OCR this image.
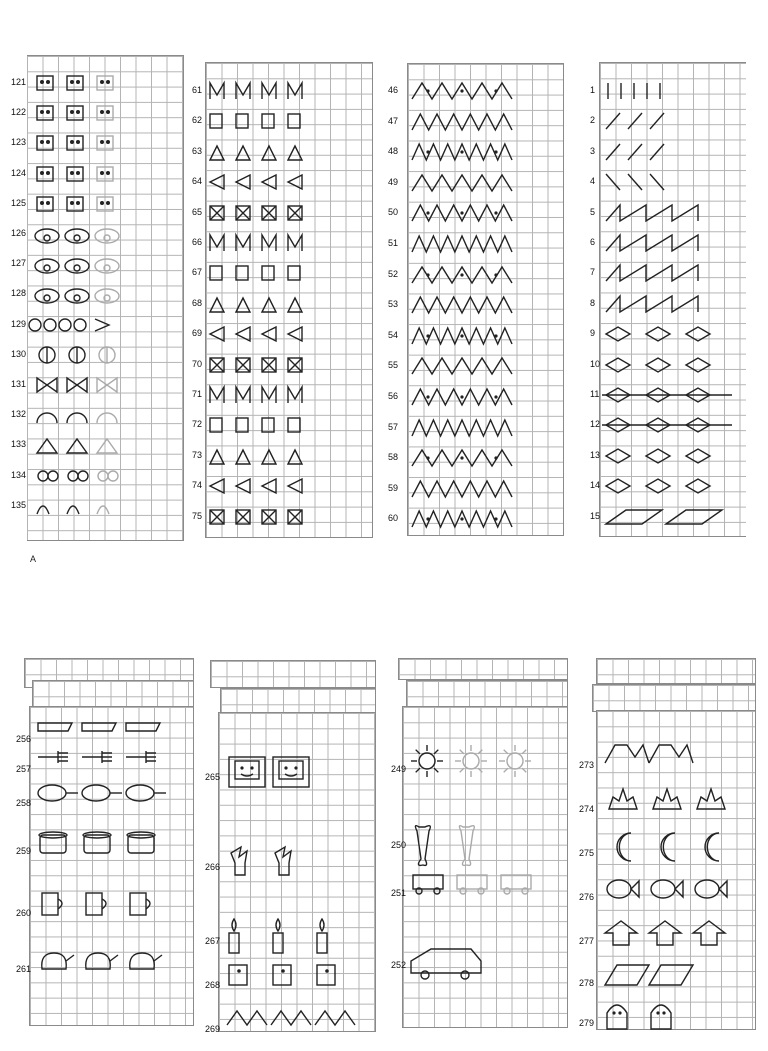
121
122
123
124
125
126
127
128
129
130
131
132
133
134
135
61
62
63
64
65
66
67
68
69
70
71
72
73
74
75
46
47
48
49
50
51
52
53
54
55
56
57
58
59
60
1
2
3
4
5
6
7
8
9
10
11
12
13
14
15
A
256
257
258
259
260
261
265
266
267
268
269
249
250
251
252
273
274
275
276
277
278
279
